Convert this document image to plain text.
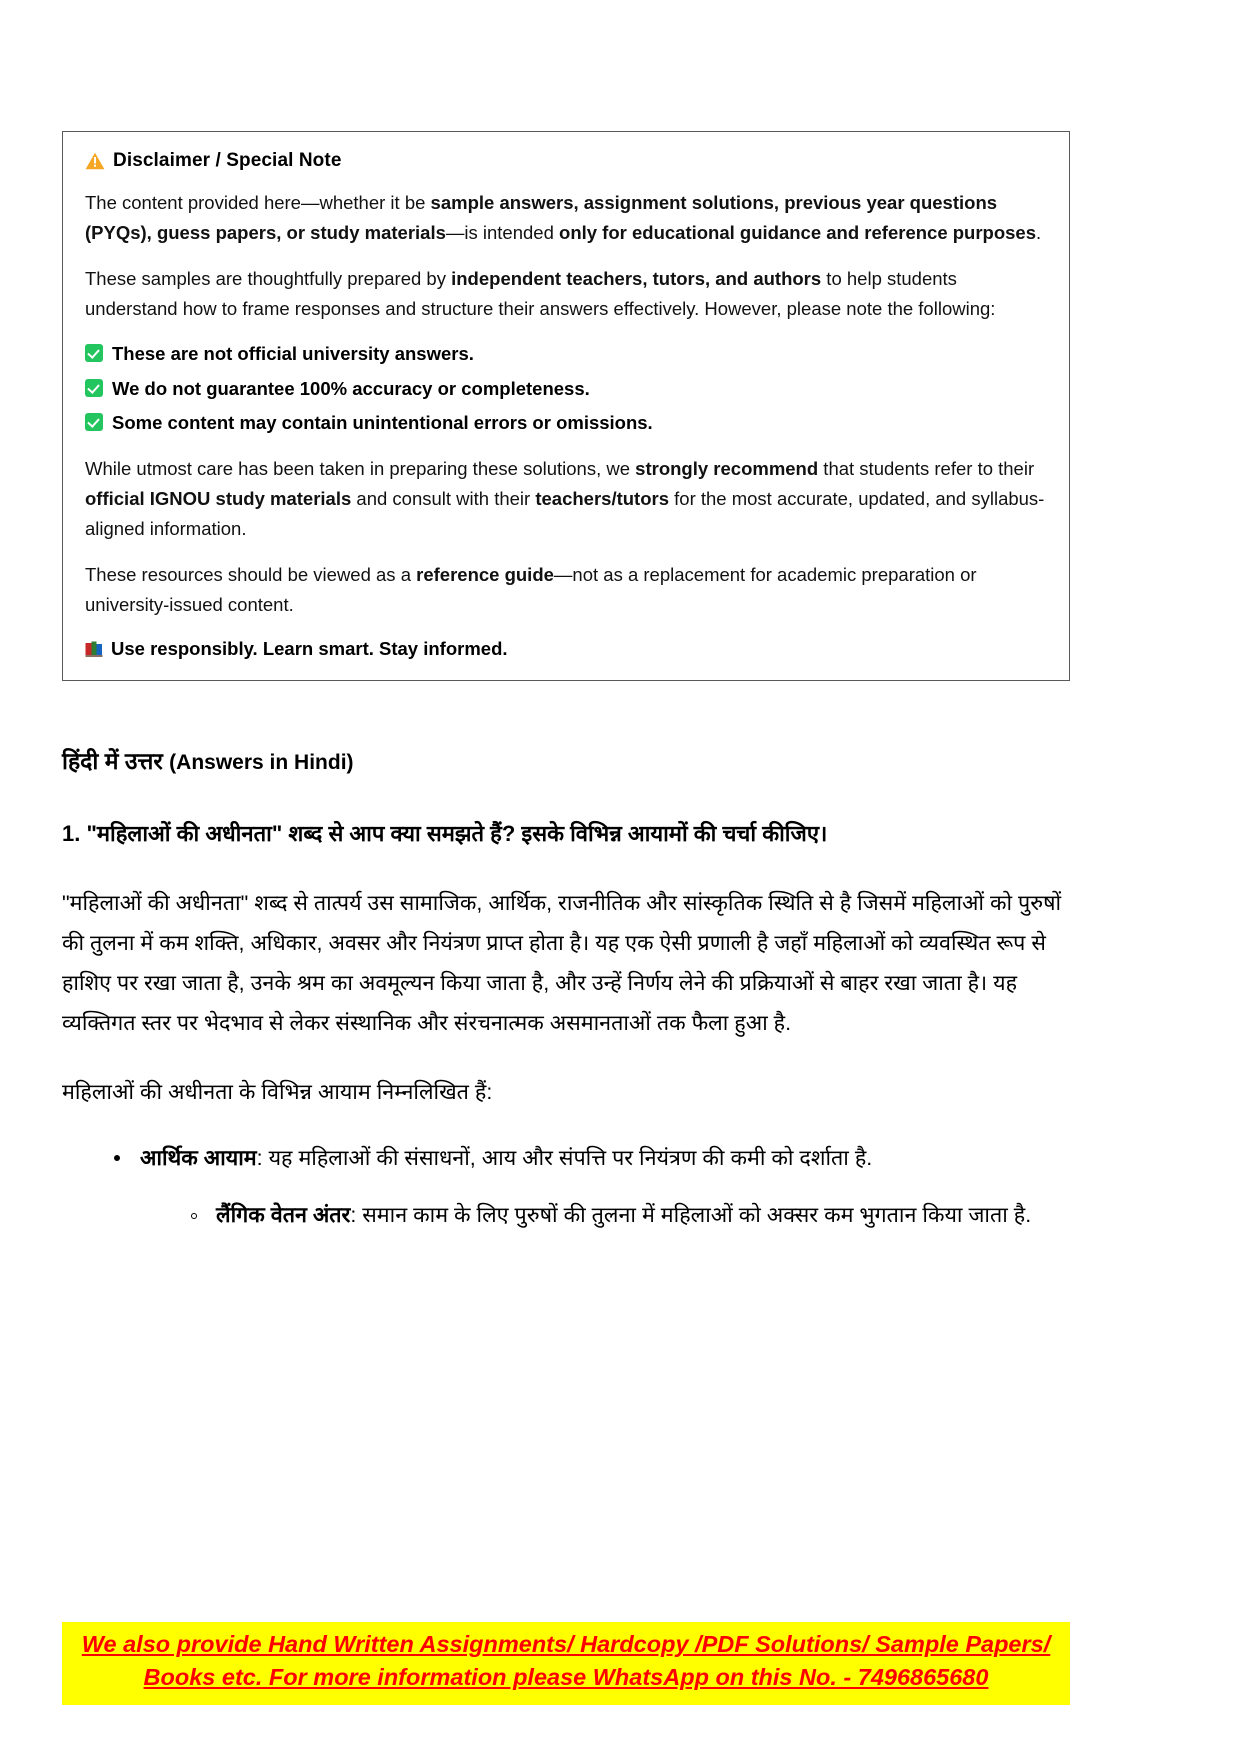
Disclaimer / Special Note

The content provided here—whether it be sample answers, assignment solutions, previous year questions (PYQs), guess papers, or study materials—is intended only for educational guidance and reference purposes.

These samples are thoughtfully prepared by independent teachers, tutors, and authors to help students understand how to frame responses and structure their answers effectively. However, please note the following:

These are not official university answers.
We do not guarantee 100% accuracy or completeness.
Some content may contain unintentional errors or omissions.

While utmost care has been taken in preparing these solutions, we strongly recommend that students refer to their official IGNOU study materials and consult with their teachers/tutors for the most accurate, updated, and syllabus-aligned information.

These resources should be viewed as a reference guide—not as a replacement for academic preparation or university-issued content.

Use responsibly. Learn smart. Stay informed.
हिंदी में उत्तर (Answers in Hindi)
1. "महिलाओं की अधीनता" शब्द से आप क्या समझते हैं? इसके विभिन्न आयामों की चर्चा कीजिए।

"महिलाओं की अधीनता" शब्द से तात्पर्य उस सामाजिक, आर्थिक, राजनीतिक और सांस्कृतिक स्थिति से है जिसमें महिलाओं को पुरुषों की तुलना में कम शक्ति, अधिकार, अवसर और नियंत्रण प्राप्त होता है। यह एक ऐसी प्रणाली है जहाँ महिलाओं को व्यवस्थित रूप से हाशिए पर रखा जाता है, उनके श्रम का अवमूल्यन किया जाता है, और उन्हें निर्णय लेने की प्रक्रियाओं से बाहर रखा जाता है। यह व्यक्तिगत स्तर पर भेदभाव से लेकर संस्थानिक और संरचनात्मक असमानताओं तक फैला हुआ है.

महिलाओं की अधीनता के विभिन्न आयाम निम्नलिखित हैं:

आर्थिक आयाम: यह महिलाओं की संसाधनों, आय और संपत्ति पर नियंत्रण की कमी को दर्शाता है.
लैंगिक वेतन अंतर: समान काम के लिए पुरुषों की तुलना में महिलाओं को अक्सर कम भुगतान किया जाता है.
We also provide Hand Written Assignments/ Hardcopy /PDF Solutions/ Sample Papers/
Books etc. For more information please WhatsApp on this No. - 7496865680
